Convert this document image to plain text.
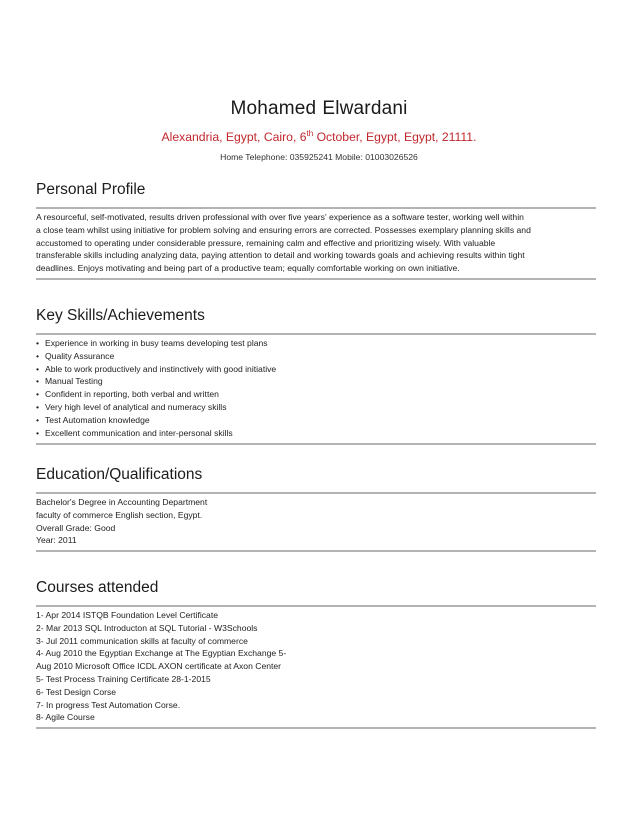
Mohamed Elwardani
Alexandria, Egypt, Cairo, 6th October, Egypt, Egypt, 21111.
Home Telephone: 035925241 Mobile: 01003026526
Personal Profile
A resourceful, self-motivated, results driven professional with over five years' experience as a software tester, working well within
a close team whilst using initiative for problem solving and ensuring errors are corrected. Possesses exemplary planning skills and
accustomed to operating under considerable pressure, remaining calm and effective and prioritizing wisely. With valuable
transferable skills including analyzing data, paying attention to detail and working towards goals and achieving results within tight
deadlines. Enjoys motivating and being part of a productive team; equally comfortable working on own initiative.
Key Skills/Achievements
• Experience in working in busy teams developing test plans
• Quality Assurance
• Able to work productively and instinctively with good initiative
• Manual Testing
• Confident in reporting, both verbal and written
• Very high level of analytical and numeracy skills
• Test Automation knowledge
• Excellent communication and inter-personal skills
Education/Qualifications
Bachelor's Degree in Accounting Department
faculty of commerce English section, Egypt.
Overall Grade: Good
Year: 2011
Courses attended
1- Apr 2014 ISTQB Foundation Level Certificate
2- Mar 2013 SQL Introducton at SQL Tutorial - W3Schools
3- Jul 2011 communication skills at faculty of commerce
4- Aug 2010 the Egyptian Exchange at The Egyptian Exchange 5-
Aug 2010 Microsoft Office ICDL AXON certificate at Axon Center
5- Test Process Training Certificate 28-1-2015
6- Test Design Corse
7- In progress Test Automation Corse.
8- Agile Course
